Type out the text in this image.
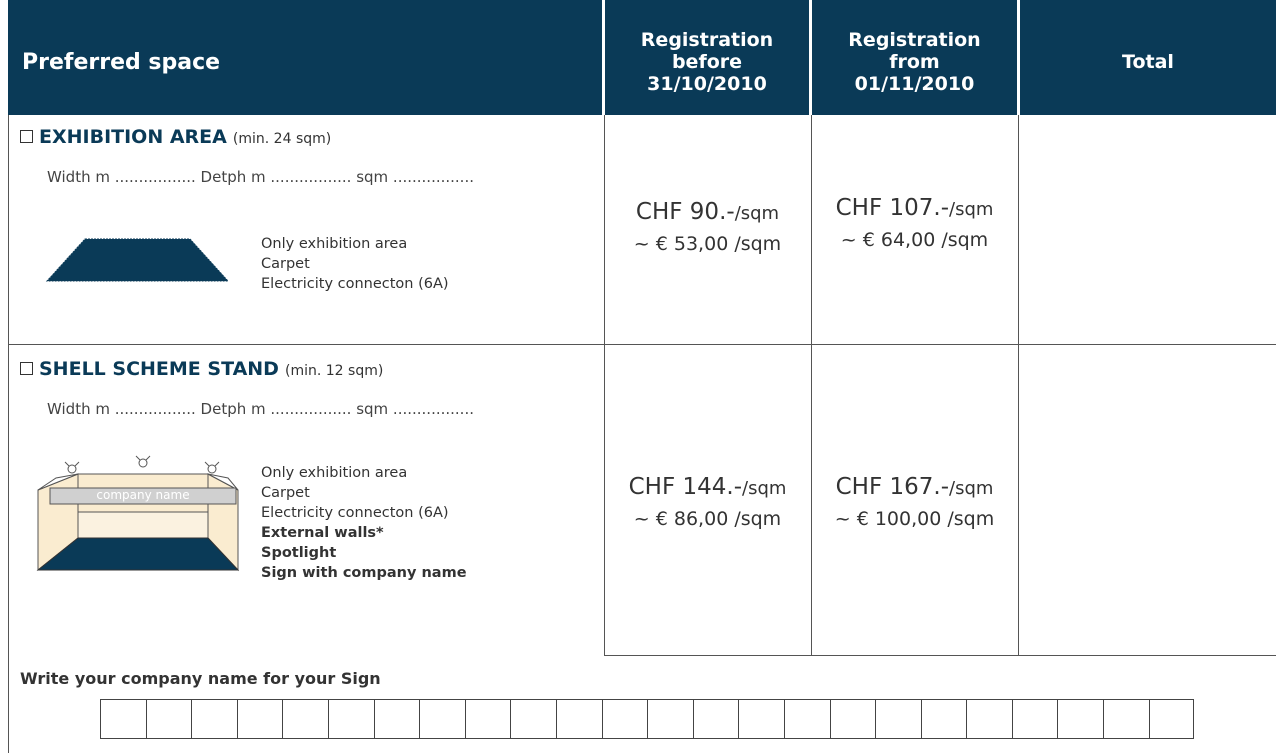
Preferred space
Registration
before
31/10/2010
Registration
from
01/11/2010
Total
EXHIBITION AREA (min. 24 sqm)
Width m ................. Detph m ................. sqm .................
Only exhibition area
Carpet
Electricity connecton (6A)
CHF 90.-/sqm
~ € 53,00 /sqm
CHF 107.-/sqm
~ € 64,00 /sqm
SHELL SCHEME STAND (min. 12 sqm)
Width m ................. Detph m ................. sqm .................
company name
Only exhibition area
Carpet
Electricity connecton (6A)
External walls*
Spotlight
Sign with company name
CHF 144.-/sqm
~ € 86,00 /sqm
CHF 167.-/sqm
~ € 100,00 /sqm
Write your company name for your Sign
